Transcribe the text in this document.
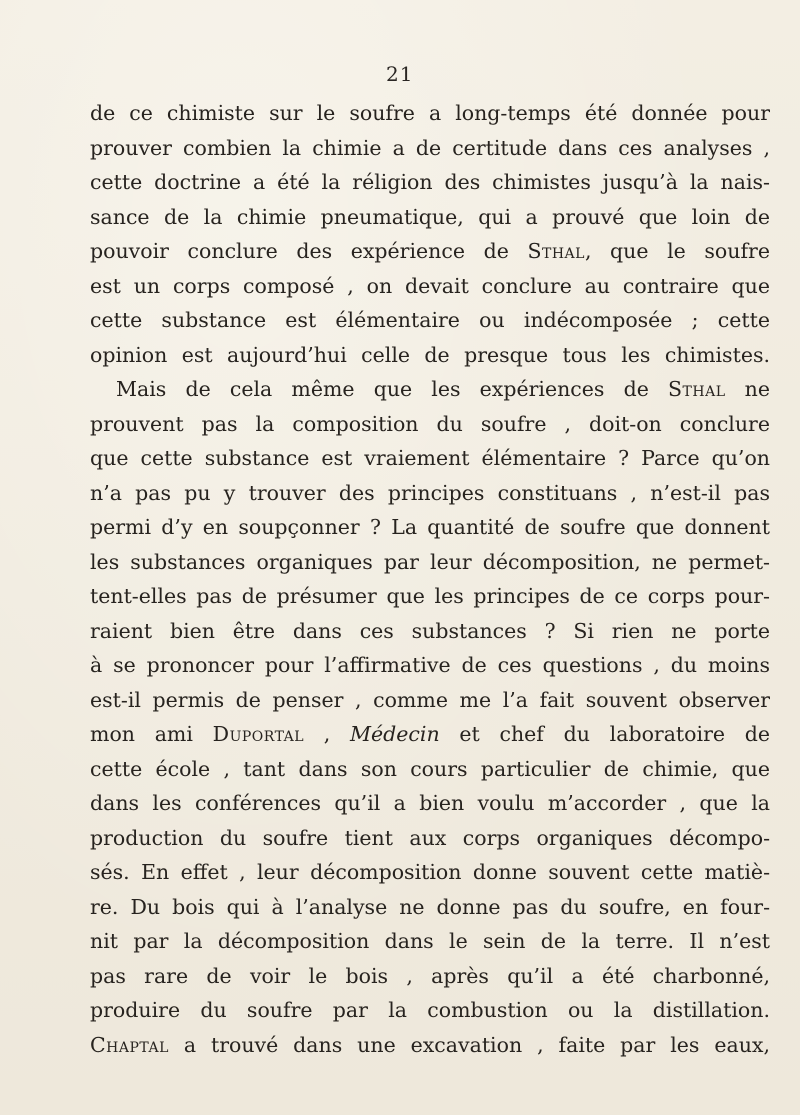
21
de ce chimiste sur le soufre a long-temps été donnée pour
prouver combien la chimie a de certitude dans ces analyses ,
cette doctrine a été la réligion des chimistes jusqu’à la nais-
sance de la chimie pneumatique, qui a prouvé que loin de
pouvoir conclure des expérience de Sthal, que le soufre
est un corps composé , on devait conclure au contraire que
cette substance est élémentaire ou indécomposée ; cette
opinion est aujourd’hui celle de presque tous les chimistes.
Mais de cela même que les expériences de Sthal ne
prouvent pas la composition du soufre , doit-on conclure
que cette substance est vraiement élémentaire ? Parce qu’on
n’a pas pu y trouver des principes constituans , n’est-il pas
permi d’y en soupçonner ? La quantité de soufre que donnent
les substances organiques par leur décomposition, ne permet-
tent-elles pas de présumer que les principes de ce corps pour-
raient bien être dans ces substances ? Si rien ne porte
à se prononcer pour l’affirmative de ces questions , du moins
est-il permis de penser , comme me l’a fait souvent observer
mon ami Duportal , Médecin et chef du laboratoire de
cette école , tant dans son cours particulier de chimie, que
dans les conférences qu’il a bien voulu m’accorder , que la
production du soufre tient aux corps organiques décompo-
sés. En effet , leur décomposition donne souvent cette matiè-
re. Du bois qui à l’analyse ne donne pas du soufre, en four-
nit par la décomposition dans le sein de la terre. Il n’est
pas rare de voir le bois , après qu’il a été charbonné,
produire du soufre par la combustion ou la distillation.
Chaptal a trouvé dans une excavation , faite par les eaux,
